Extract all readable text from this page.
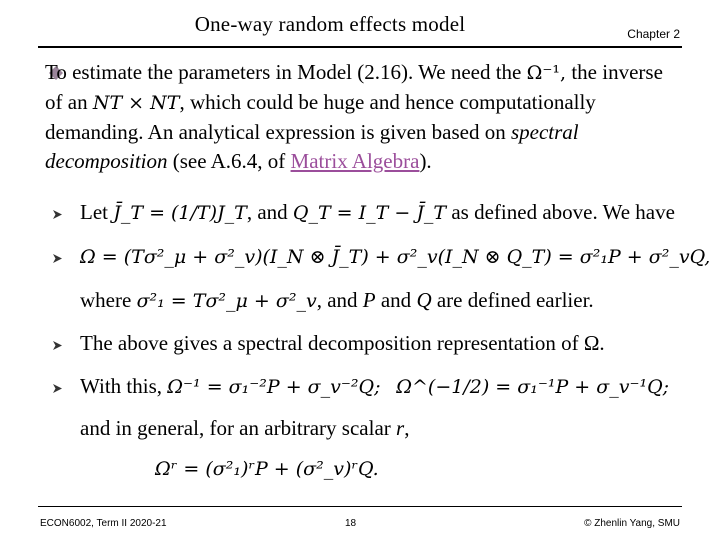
One-way random effects model	Chapter 2

To estimate the parameters in Model (2.16). We need the Ω⁻¹, the inverse of an NT × NT, which could be huge and hence computationally demanding. An analytical expression is given based on spectral decomposition (see A.6.4, of Matrix Algebra).

Let J̄_T = (1/T)J_T, and Q_T = I_T − J̄_T as defined above. We have
Ω = (Tσ²_μ + σ²_v)(I_N ⊗ J̄_T) + σ²_v(I_N ⊗ Q_T) = σ²₁P + σ²_vQ,
where σ²₁ = Tσ²_μ + σ²_v, and P and Q are defined earlier.
The above gives a spectral decomposition representation of Ω.
With this, Ω⁻¹ = σ₁⁻²P + σ_v⁻²Q; Ω^(−1/2) = σ₁⁻¹P + σ_v⁻¹Q;
and in general, for an arbitrary scalar r,
Ωʳ = (σ²₁)ʳP + (σ²_v)ʳQ.
ECON6002, Term II 2020-21	18	© Zhenlin Yang, SMU
